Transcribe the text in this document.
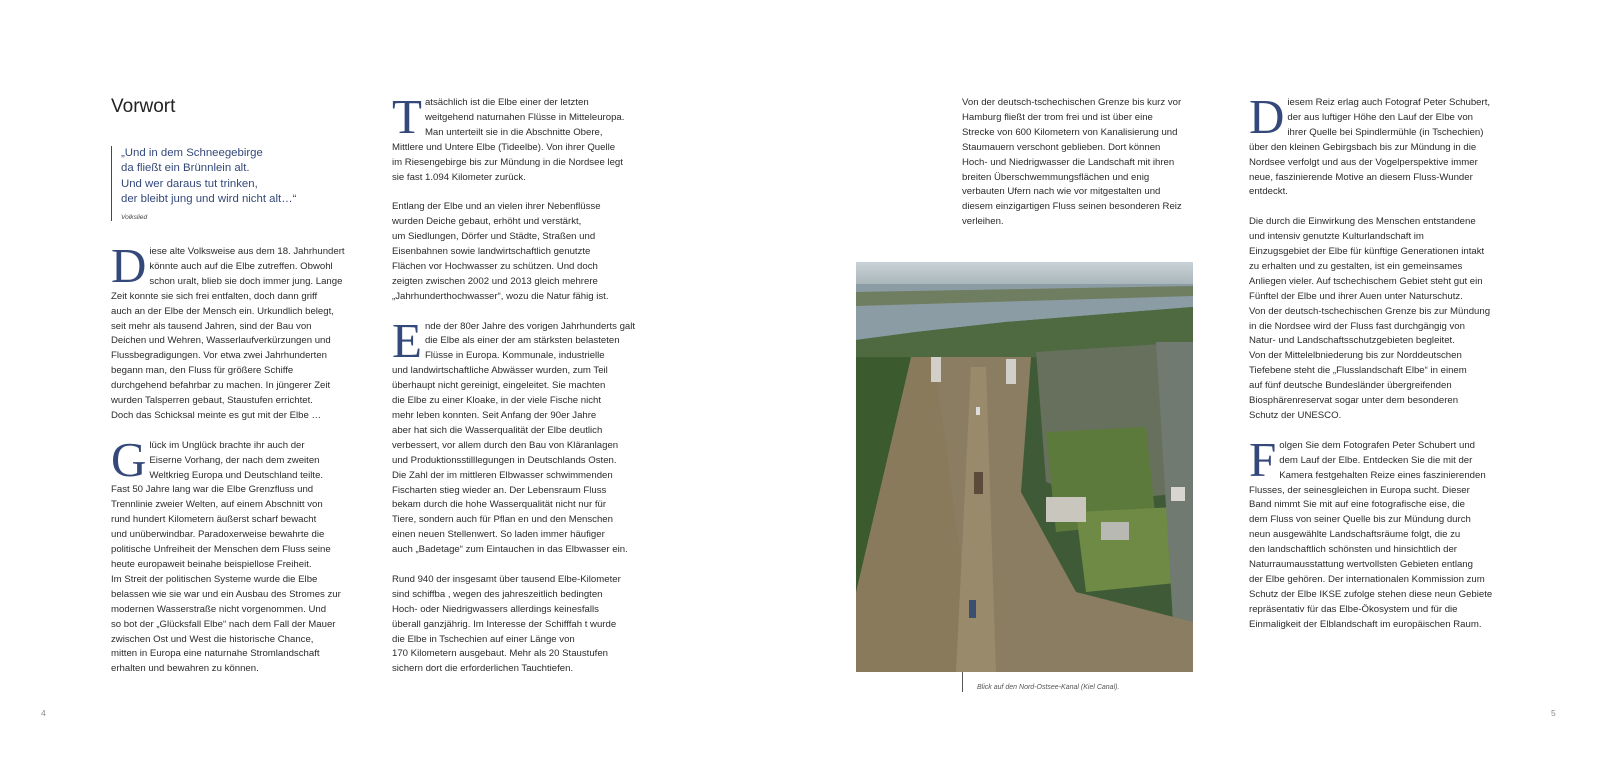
Vorwort
„Und in dem Schneegebirge
da fließt ein Brünnlein alt.
Und wer daraus tut trinken,
der bleibt jung und wird nicht alt…“
Volkslied

Diese alte Volksweise aus dem 18. Jahrhundert
könnte auch auf die Elbe zutreffen. Obwohl
schon uralt, blieb sie doch immer jung. Lange
Zeit konnte sie sich frei entfalten, doch dann griff
auch an der Elbe der Mensch ein. Urkundlich belegt,
seit mehr als tausend Jahren, sind der Bau von
Deichen und Wehren, Wasserlaufverkürzungen und
Flussbegradigungen. Vor etwa zwei Jahrhunderten
begann man, den Fluss für größere Schiffe
durchgehend befahrbar zu machen. In jüngerer Zeit
wurden Talsperren gebaut, Staustufen errichtet.
Doch das Schicksal meinte es gut mit der Elbe …

Glück im Unglück brachte ihr auch der
Eiserne Vorhang, der nach dem zweiten
Weltkrieg Europa und Deutschland teilte.
Fast 50 Jahre lang war die Elbe Grenzfluss und
Trennlinie zweier Welten, auf einem Abschnitt von
rund hundert Kilometern äußerst scharf bewacht
und unüberwindbar. Paradoxerweise bewahrte die
politische Unfreiheit der Menschen dem Fluss seine
heute europaweit beinahe beispiellose Freiheit.
Im Streit der politischen Systeme wurde die Elbe
belassen wie sie war und ein Ausbau des Stromes zur
modernen Wasserstraße nicht vorgenommen. Und
so bot der „Glücksfall Elbe“ nach dem Fall der Mauer
zwischen Ost und West die historische Chance,
mitten in Europa eine naturnahe Stromlandschaft
erhalten und bewahren zu können.

Tatsächlich ist die Elbe einer der letzten
weitgehend naturnahen Flüsse in Mitteleuropa.
Man unterteilt sie in die Abschnitte Obere,
Mittlere und Untere Elbe (Tideelbe). Von ihrer Quelle
im Riesengebirge bis zur Mündung in die Nordsee legt
sie fast 1.094 Kilometer zurück.

Entlang der Elbe und an vielen ihrer Nebenflüsse
wurden Deiche gebaut, erhöht und verstärkt,
um Siedlungen, Dörfer und Städte, Straßen und
Eisenbahnen sowie landwirtschaftlich genutzte
Flächen vor Hochwasser zu schützen. Und doch
zeigten zwischen 2002 und 2013 gleich mehrere
„Jahrhunderthochwasser“, wozu die Natur fähig ist.

Ende der 80er Jahre des vorigen Jahrhunderts galt
die Elbe als einer der am stärksten belasteten
Flüsse in Europa. Kommunale, industrielle
und landwirtschaftliche Abwässer wurden, zum Teil
überhaupt nicht gereinigt, eingeleitet. Sie machten
die Elbe zu einer Kloake, in der viele Fische nicht
mehr leben konnten. Seit Anfang der 90er Jahre
aber hat sich die Wasserqualität der Elbe deutlich
verbessert, vor allem durch den Bau von Kläranlagen
und Produktionsstilllegungen in Deutschlands Osten.
Die Zahl der im mittleren Elbwasser schwimmenden
Fischarten stieg wieder an. Der Lebensraum Fluss
bekam durch die hohe Wasserqualität nicht nur für
Tiere, sondern auch für Pflan en und den Menschen
einen neuen Stellenwert. So laden immer häufiger
auch „Badetage“ zum Eintauchen in das Elbwasser ein.

Rund 940 der insgesamt über tausend Elbe-Kilometer
sind schiffba , wegen des jahreszeitlich bedingten
Hoch- oder Niedrigwassers allerdings keinesfalls
überall ganzjährig. Im Interesse der Schifffah t wurde
die Elbe in Tschechien auf einer Länge von
170 Kilometern ausgebaut. Mehr als 20 Staustufen
sichern dort die erforderlichen Tauchtiefen.

4

Von der deutsch-tschechischen Grenze bis kurz vor
Hamburg fließt der trom frei und ist über eine
Strecke von 600 Kilometern von Kanalisierung und
Staumauern verschont geblieben. Dort können
Hoch- und Niedrigwasser die Landschaft mit ihren
breiten Überschwemmungsflächen und enig
verbauten Ufern nach wie vor mitgestalten und
diesem einzigartigen Fluss seinen besonderen Reiz
verleihen.

Blick auf den Nord-Ostsee-Kanal (Kiel Canal).

Diesem Reiz erlag auch Fotograf Peter Schubert,
der aus luftiger Höhe den Lauf der Elbe von
ihrer Quelle bei Spindlermühle (in Tschechien)
über den kleinen Gebirgsbach bis zur Mündung in die
Nordsee verfolgt und aus der Vogelperspektive immer
neue, faszinierende Motive an diesem Fluss-Wunder
entdeckt.

Die durch die Einwirkung des Menschen entstandene
und intensiv genutzte Kulturlandschaft im
Einzugsgebiet der Elbe für künftige Generationen intakt
zu erhalten und zu gestalten, ist ein gemeinsames
Anliegen vieler. Auf tschechischem Gebiet steht gut ein
Fünftel der Elbe und ihrer Auen unter Naturschutz.
Von der deutsch-tschechischen Grenze bis zur Mündung
in die Nordsee wird der Fluss fast durchgängig von
Natur- und Landschaftsschutzgebieten begleitet.
Von der Mittelelbniederung bis zur Norddeutschen
Tiefebene steht die „Flusslandschaft Elbe“ in einem
auf fünf deutsche Bundesländer übergreifenden
Biosphärenreservat sogar unter dem besonderen
Schutz der UNESCO.

Folgen Sie dem Fotografen Peter Schubert und
dem Lauf der Elbe. Entdecken Sie die mit der
Kamera festgehalten Reize eines faszinierenden
Flusses, der seinesgleichen in Europa sucht. Dieser
Band nimmt Sie mit auf eine fotografische eise, die
dem Fluss von seiner Quelle bis zur Mündung durch
neun ausgewählte Landschaftsräume folgt, die zu
den landschaftlich schönsten und hinsichtlich der
Naturraumausstattung wertvollsten Gebieten entlang
der Elbe gehören. Der internationalen Kommission zum
Schutz der Elbe IKSE zufolge stehen diese neun Gebiete
repräsentativ für das Elbe-Ökosystem und für die
Einmaligkeit der Elblandschaft im europäischen Raum.

5
